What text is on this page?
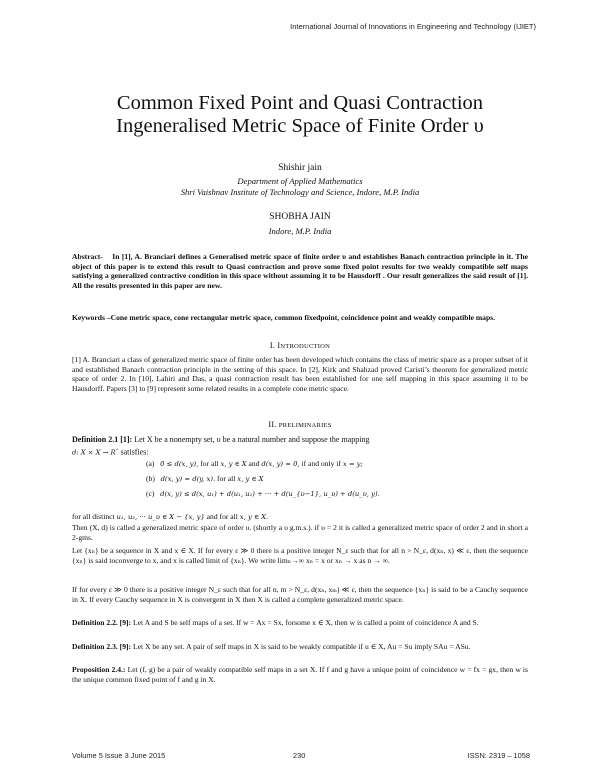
International Journal of Innovations in Engineering and Technology (IJIET)
Common Fixed Point and Quasi Contraction
Ingeneralised Metric Space of Finite Order υ
Shishir jain
Department of Applied Mathematics
Shri Vaishnav Institute of Technology and Science, Indore, M.P. India
SHOBHA JAIN
Indore, M.P. India
Abstract- In [1], A. Branciari defines a Generalised metric space of finite order υ and establishes Banach contraction principle in it. The object of this paper is to extend this result to Quasi contraction and prove some fixed point results for two weakly compatible self maps satisfying a generalized contractive condition in this space without assuming it to be Hausdorff . Our result generalizes the said result of [1]. All the results presented in this paper are new.
Keywords –Cone metric space, cone rectangular metric space, common fixedpoint, coincidence point and weakly compatible maps.
I. INTRODUCTION
[1] A. Branciari a class of generalized metric space of finite order has been developed which contains the class of metric space as a proper subset of it and established Banach contraction principle in the setting of this space. In [2], Kirk and Shahzad proved Caristi’s theorem for generalized metric space of order 2. In [10], Lahiri and Das, a quasi contraction result has been established for one self mapping in this space assuming it to be Hausdorff. Papers [3] to [9] represent some related results in a complete cone metric space.
II. PRELIMINARIES
Definition 2.1 [1]: Let X be a nonempty set, υ be a natural number and suppose the mapping
d: X × X → R+ satisfies:
(a) 0 ≤ d(x, y), for all x, y ∈ X and d(x, y) = 0, if and only if x = y;
(b) d(x, y) = d(y, x). for all x, y ∈ X
(c) d(x, y) ≤ d(x, u₁) + d(u₁, u₂) + ··· + d(u_{υ−1}, u_υ) + d(u_υ, y).
for all distinct u₁, u₂, ··· u_υ ∈ X − {x, y} and for all x, y ∈ X.
Then (X, d) is called a generalized metric space of order υ. (shortly a υ g.m.s.). if υ = 2 it is called a generalized metric space of order 2 and in short a 2-gms.
Let {xₙ} be a sequence in X and x ∈ X. If for every ε ≫ 0 there is a positive integer N_ε such that for all n > N_ε, d(xₙ, x) ≪ ε, then the sequence {xₙ} is said toconverge to x, and x is called limit of {xₙ}. We write limₙ→∞ xₙ = x or xₙ → x as n → ∞.
If for every ε ≫ 0 there is a positive integer N_ε such that for all n, m > N_ε, d(xₙ, xₘ) ≪ ε, then the sequence {xₙ} is said to be a Cauchy sequence in X. If every Cauchy sequence in X is convergent in X then X is called a complete generalized metric space.
Definition 2.2. [9]: Let A and S be self maps of a set. If w = Ax = Sx, forsome x ∈ X, then w is called a point of coincidence A and S.
Definition 2.3. [9]: Let X be any set. A pair of self maps in X is said to be weakly compatible if u ∈ X, Au = Su imply SAu = ASu.
Proposition 2.4.: Let (f, g) be a pair of weakly compatible self maps in a set X. If f and g have a unique point of coincidence w = fx = gx, then w is the unique common fixed point of f and g in X.
Volume 5 Issue 3 June 2015	230	ISSN: 2319 – 1058
